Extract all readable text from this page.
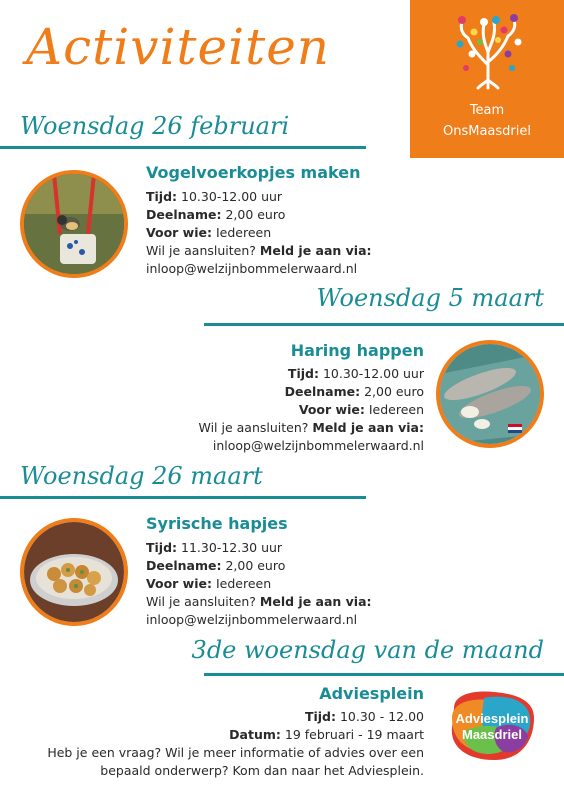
Activiteiten
Team
OnsMaasdriel
Woensdag 26 februari
Vogelvoerkopjes maken
Tijd: 10.30-12.00 uur
Deelname: 2,00 euro
Voor wie: Iedereen
Wil je aansluiten? Meld je aan via:
inloop@welzijnbommelerwaard.nl
Woensdag 5 maart
Haring happen
Tijd: 10.30-12.00 uur
Deelname: 2,00 euro
Voor wie: Iedereen
Wil je aansluiten? Meld je aan via:
inloop@welzijnbommelerwaard.nl
Woensdag 26 maart
Syrische hapjes
Tijd: 11.30-12.30 uur
Deelname: 2,00 euro
Voor wie: Iedereen
Wil je aansluiten? Meld je aan via:
inloop@welzijnbommelerwaard.nl
3de woensdag van de maand
Adviesplein
Tijd: 10.30 - 12.00
Datum: 19 februari - 19 maart
Heb je een vraag? Wil je meer informatie of advies over een
bepaald onderwerp? Kom dan naar het Adviesplein.
Adviesplein
Maasdriel
